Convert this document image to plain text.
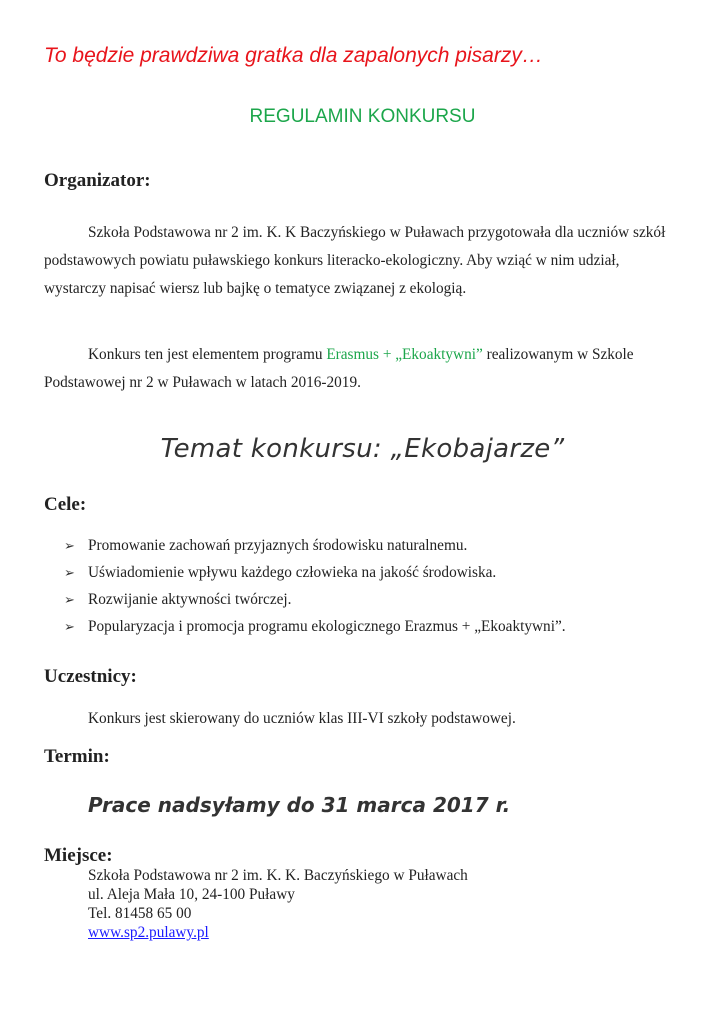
To będzie prawdziwa gratka dla zapalonych pisarzy…
REGULAMIN KONKURSU
Organizator:
Szkoła Podstawowa nr 2 im. K. K Baczyńskiego w Puławach przygotowała dla uczniów szkół podstawowych powiatu puławskiego konkurs literacko-ekologiczny. Aby wziąć w nim udział, wystarczy napisać wiersz lub bajkę o tematyce związanej z ekologią.
Konkurs ten jest elementem programu Erasmus + „Ekoaktywni” realizowanym w Szkole Podstawowej nr 2 w Puławach w latach 2016-2019.
Temat konkursu: „Ekobajarze”
Cele:
➢ Promowanie zachowań przyjaznych środowisku naturalnemu.
➢ Uświadomienie wpływu każdego człowieka na jakość środowiska.
➢ Rozwijanie aktywności twórczej.
➢ Popularyzacja i promocja programu ekologicznego Erazmus + „Ekoaktywni”.
Uczestnicy:
Konkurs jest skierowany do uczniów klas III-VI szkoły podstawowej.
Termin:
Prace nadsyłamy do 31 marca 2017 r.
Miejsce:
Szkoła Podstawowa nr 2 im. K. K. Baczyńskiego w Puławach
ul. Aleja Mała 10, 24-100 Puławy
Tel. 81458 65 00
www.sp2.pulawy.pl
